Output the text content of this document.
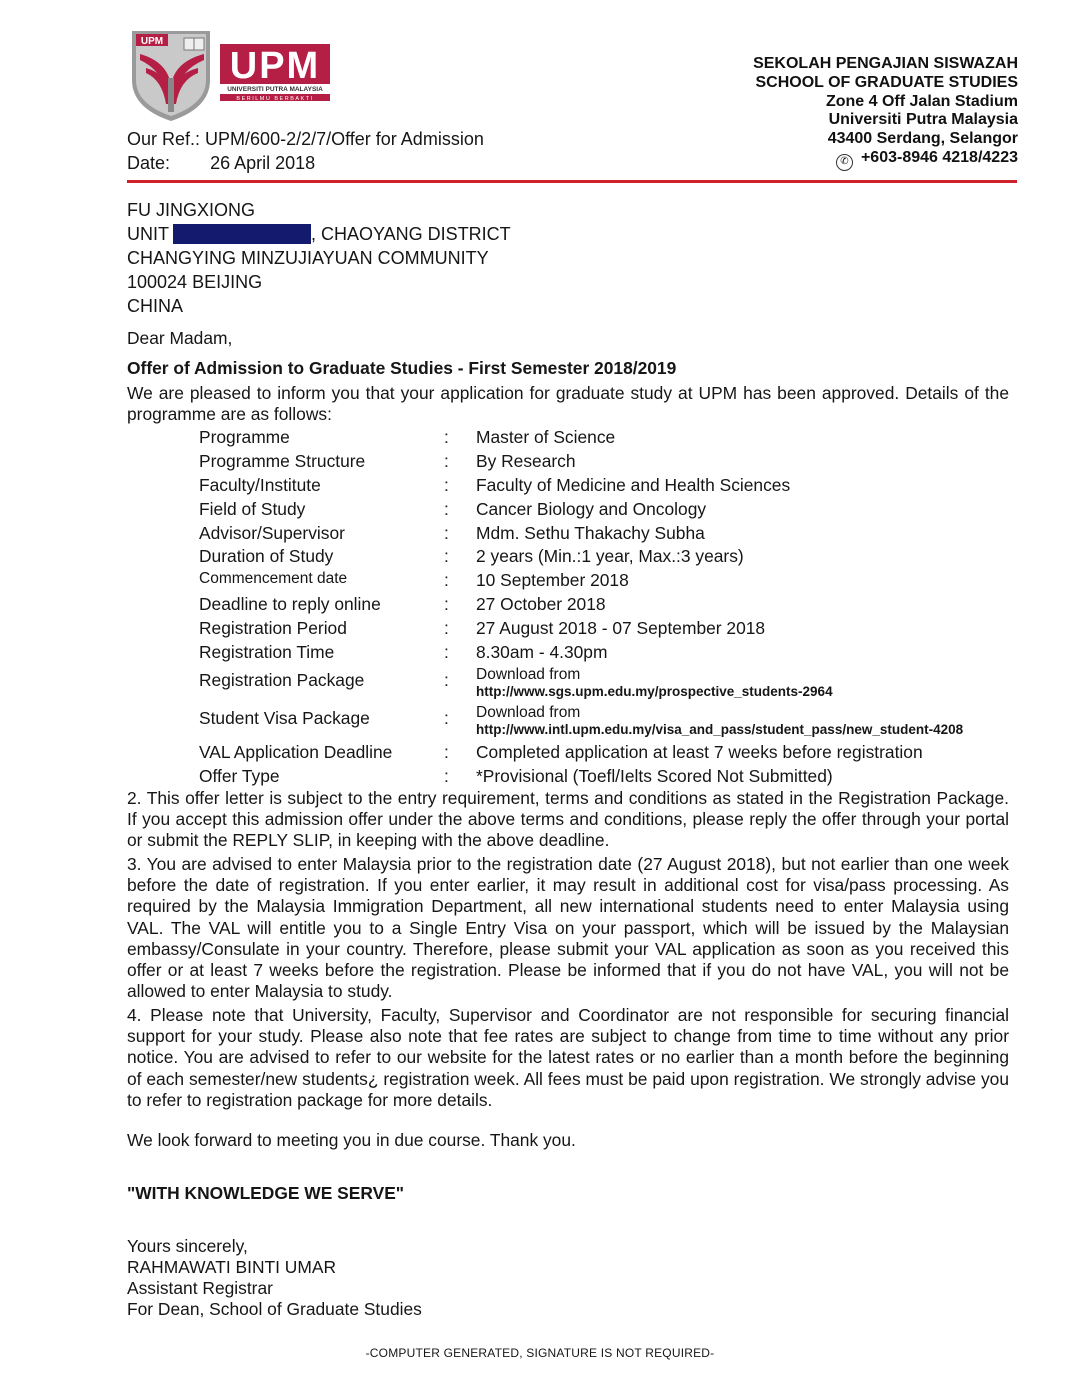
UPM
UPM
UNIVERSITI PUTRA MALAYSIA
BERILMU BERBAKTI
SEKOLAH PENGAJIAN SISWAZAH
SCHOOL OF GRADUATE STUDIES
Zone 4 Off Jalan Stadium
Universiti Putra Malaysia
43400 Serdang, Selangor
✆ +603-8946 4218/4223
Our Ref.: UPM/600-2/2/7/Offer for Admission
Date: 26 April 2018
FU JINGXIONG
UNIT	, CHAOYANG DISTRICT
CHANGYING MINZUJIAYUAN COMMUNITY
100024 BEIJING
CHINA
Dear Madam,
Offer of Admission to Graduate Studies - First Semester 2018/2019
We are pleased to inform you that your application for graduate study at UPM has been approved. Details of the programme are as follows:
Programme	: Master of Science
Programme Structure	: By Research
Faculty/Institute	: Faculty of Medicine and Health Sciences
Field of Study	: Cancer Biology and Oncology
Advisor/Supervisor	: Mdm. Sethu Thakachy Subha
Duration of Study	: 2 years (Min.:1 year, Max.:3 years)
Commencement date	: 10 September 2018
Deadline to reply online	: 27 October 2018
Registration Period	: 27 August 2018 - 07 September 2018
Registration Time	: 8.30am - 4.30pm
Registration Package	: Download from
http://www.sgs.upm.edu.my/prospective_students-2964
Student Visa Package	: Download from
http://www.intl.upm.edu.my/visa_and_pass/student_pass/new_student-4208
VAL Application Deadline	: Completed application at least 7 weeks before registration
Offer Type	: *Provisional (Toefl/Ielts Scored Not Submitted)
2. This offer letter is subject to the entry requirement, terms and conditions as stated in the Registration Package. If you accept this admission offer under the above terms and conditions, please reply the offer through your portal or submit the REPLY SLIP, in keeping with the above deadline.
3. You are advised to enter Malaysia prior to the registration date (27 August 2018), but not earlier than one week before the date of registration. If you enter earlier, it may result in additional cost for visa/pass processing. As required by the Malaysia Immigration Department, all new international students need to enter Malaysia using VAL. The VAL will entitle you to a Single Entry Visa on your passport, which will be issued by the Malaysian embassy/Consulate in your country. Therefore, please submit your VAL application as soon as you received this offer or at least 7 weeks before the registration. Please be informed that if you do not have VAL, you will not be allowed to enter Malaysia to study.
4. Please note that University, Faculty, Supervisor and Coordinator are not responsible for securing financial support for your study. Please also note that fee rates are subject to change from time to time without any prior notice. You are advised to refer to our website for the latest rates or no earlier than a month before the beginning of each semester/new students¿ registration week. All fees must be paid upon registration. We strongly advise you to refer to registration package for more details.
We look forward to meeting you in due course. Thank you.
"WITH KNOWLEDGE WE SERVE"
Yours sincerely,
RAHMAWATI BINTI UMAR
Assistant Registrar
For Dean, School of Graduate Studies
-COMPUTER GENERATED, SIGNATURE IS NOT REQUIRED-
